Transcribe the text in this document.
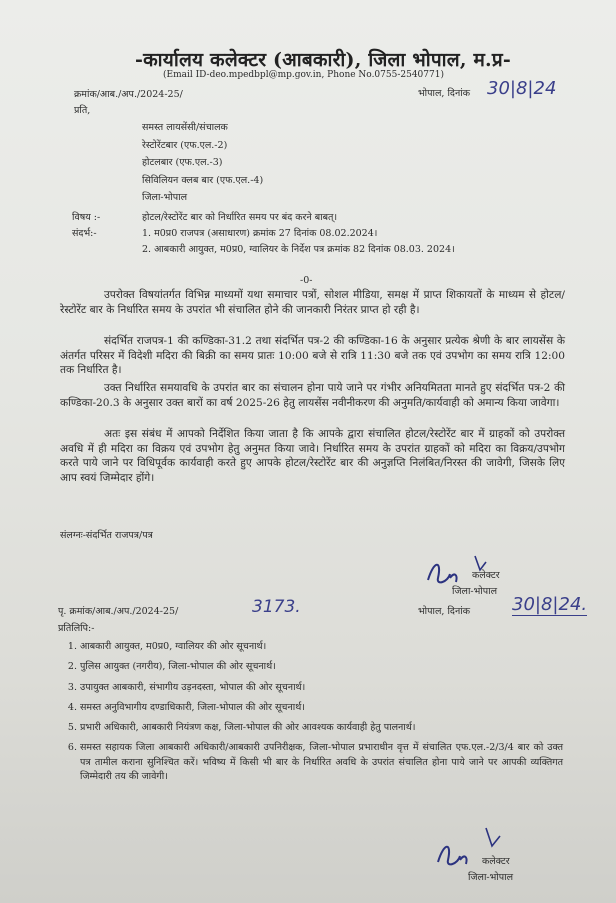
-कार्यालय कलेक्टर (आबकारी), जिला भोपाल, म.प्र-
(Email ID-deo.mpedbpl@mp.gov.in, Phone No.0755-2540771)
क्रमांक/आब./अप./2024-25/	भोपाल, दिनांक 30|8|24
प्रति,
समस्त लायसेंसी/संचालक
रेस्टोरेंटबार (एफ.एल.-2)
होटलबार (एफ.एल.-3)
सिविलियन क्लब बार (एफ.एल.-4)
जिला-भोपाल
विषय :-	होटल/रेस्टोरेंट बार को निर्धारित समय पर बंद करने बाबत्।
संदर्भ:-	1. म0प्र0 राजपत्र (असाधारण) क्रमांक 27 दिनांक 08.02.2024।
2. आबकारी आयुक्त, म0प्र0, ग्वालियर के निर्देश पत्र क्रमांक 82 दिनांक 08.03. 2024।
-0-
उपरोक्त विषयांतर्गत विभिन्न माध्यमों यथा समाचार पत्रों, सोशल मीडिया, समक्ष में प्राप्त शिकायतों के माध्यम से होटल/रेस्टोरेंट बार के निर्धारित समय के उपरांत भी संचालित होने की जानकारी निरंतर प्राप्त हो रही है।
संदर्भित राजपत्र-1 की कण्डिका-31.2 तथा संदर्भित पत्र-2 की कण्डिका-16 के अनुसार प्रत्येक श्रेणी के बार लायसेंस के अंतर्गत परिसर में विदेशी मदिरा की बिक्री का समय प्रातः 10:00 बजे से रात्रि 11:30 बजे तक एवं उपभोग का समय रात्रि 12:00 तक निर्धारित है।
उक्त निर्धारित समयावधि के उपरांत बार का संचालन होना पाये जाने पर गंभीर अनियमितता मानते हुए संदर्भित पत्र-2 की कण्डिका-20.3 के अनुसार उक्त बारों का वर्ष 2025-26 हेतु लायसेंस नवीनीकरण की अनुमति/कार्यवाही को अमान्य किया जावेगा।
अतः इस संबंध में आपको निर्देशित किया जाता है कि आपके द्वारा संचालित होटल/रेस्टोरेंट बार में ग्राहकों को उपरोक्त अवधि में ही मदिरा का विक्रय एवं उपभोग हेतु अनुमत किया जावे। निर्धारित समय के उपरांत ग्राहकों को मदिरा का विक्रय/उपभोग करते पाये जाने पर विधिपूर्वक कार्यवाही करते हुए आपके होटल/रेस्टोरेंट बार की अनुज्ञप्ति निलंबित/निरस्त की जावेगी, जिसके लिए आप स्वयं जिम्मेदार होंगे।
संलग्नः-संदर्भित राजपत्र/पत्र
कलेक्टर
जिला-भोपाल
पृ. क्रमांक/आब./अप./2024-25/	3173.	भोपाल, दिनांक 30|8|24.
प्रतिलिपि:-
1. आबकारी आयुक्त, म0प्र0, ग्वालियर की ओर सूचनार्थ।
2. पुलिस आयुक्त (नगरीय), जिला-भोपाल की ओर सूचनार्थ।
3. उपायुक्त आबकारी, संभागीय उड़नदस्ता, भोपाल की ओर सूचनार्थ।
4. समस्त अनुविभागीय दण्डाधिकारी, जिला-भोपाल की ओर सूचनार्थ।
5. प्रभारी अधिकारी, आबकारी नियंत्रण कक्ष, जिला-भोपाल की ओर आवश्यक कार्यवाही हेतु पालनार्थ।
6. समस्त सहायक जिला आबकारी अधिकारी/आबकारी उपनिरीक्षक, जिला-भोपाल प्रभाराधीन वृत्त में संचालित एफ.एल.-2/3/4 बार को उक्त पत्र तामील कराना सुनिश्चित करें। भविष्य में किसी भी बार के निर्धारित अवधि के उपरांत संचालित होना पाये जाने पर आपकी व्यक्तिगत जिम्मेदारी तय की जावेगी।
कलेक्टर
जिला-भोपाल
